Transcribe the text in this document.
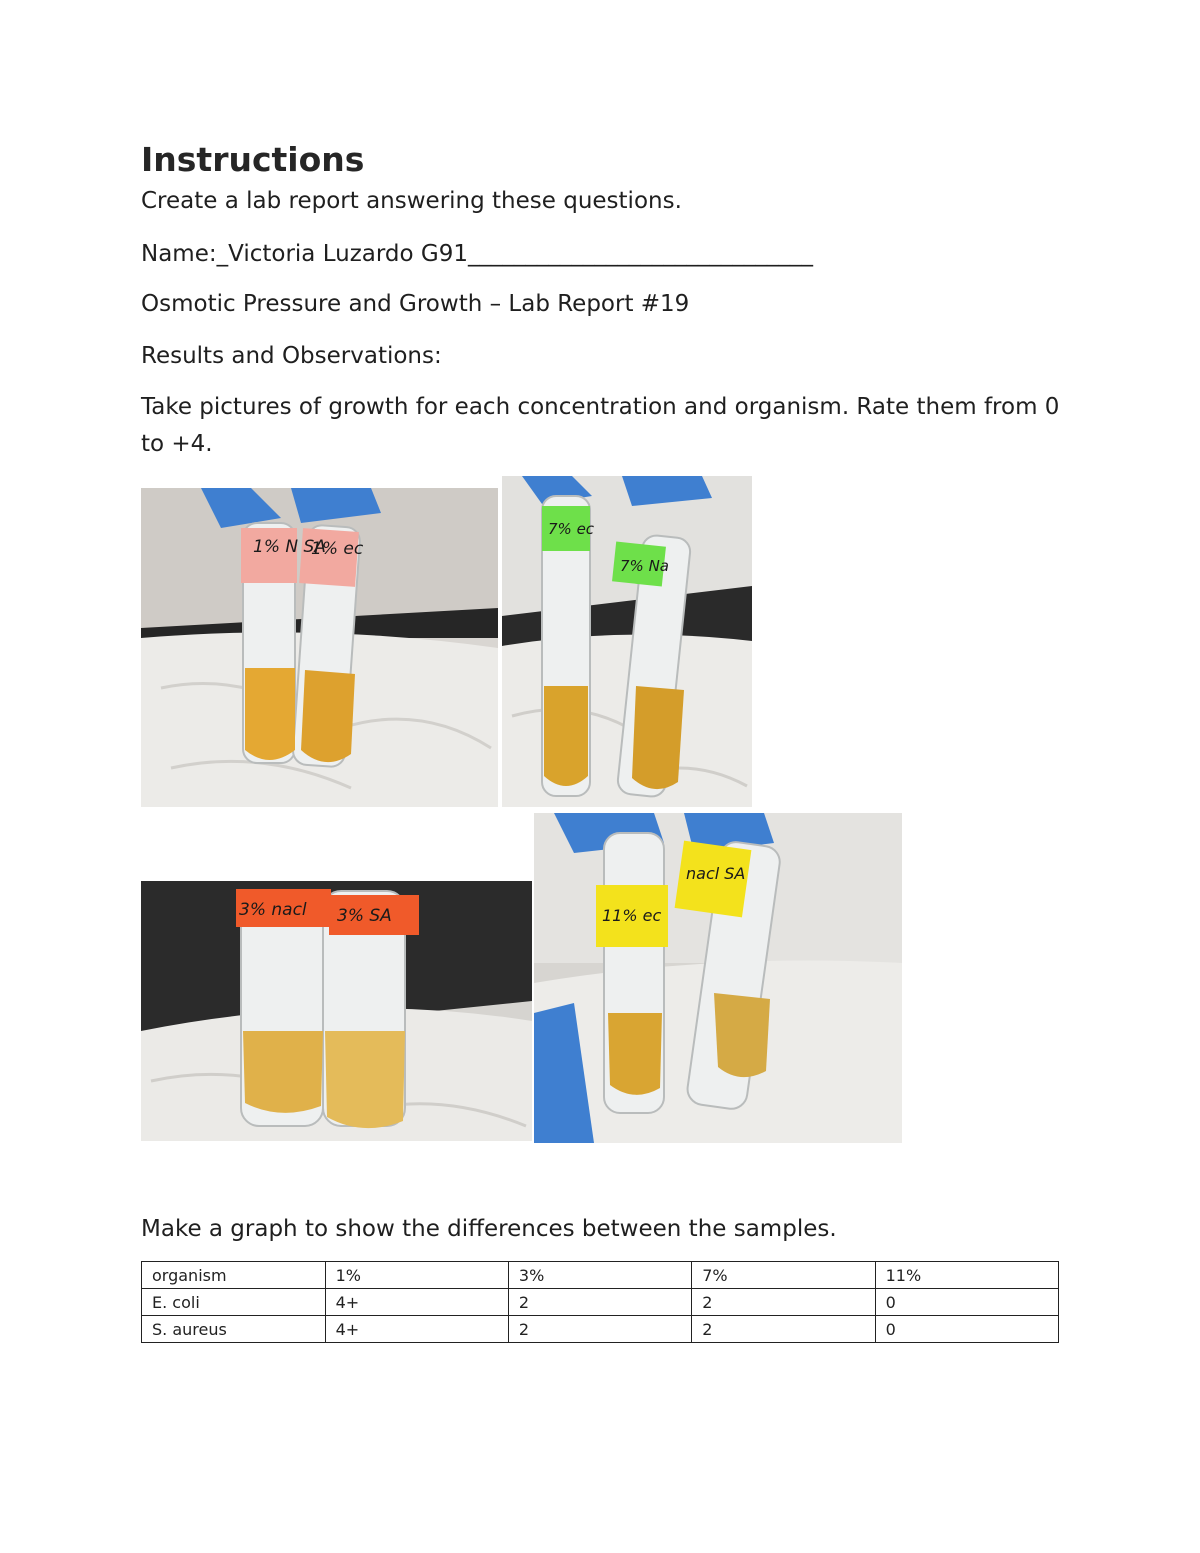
Instructions
Create a lab report answering these questions.
Name:_Victoria Luzardo G91______________________________
Osmotic Pressure and Growth – Lab Report #19
Results and Observations:
Take pictures of growth for each concentration and organism. Rate them from 0 to +4.
1% N SA
1% ec
7% ec
7% Na
3% nacl 3% SA	11% ec
nacl SA
Make a graph to show the differences between the samples.
organism	1%	3%	7%	11%
E. coli	4+	2	2	0
S. aureus	4+	2	2	0
